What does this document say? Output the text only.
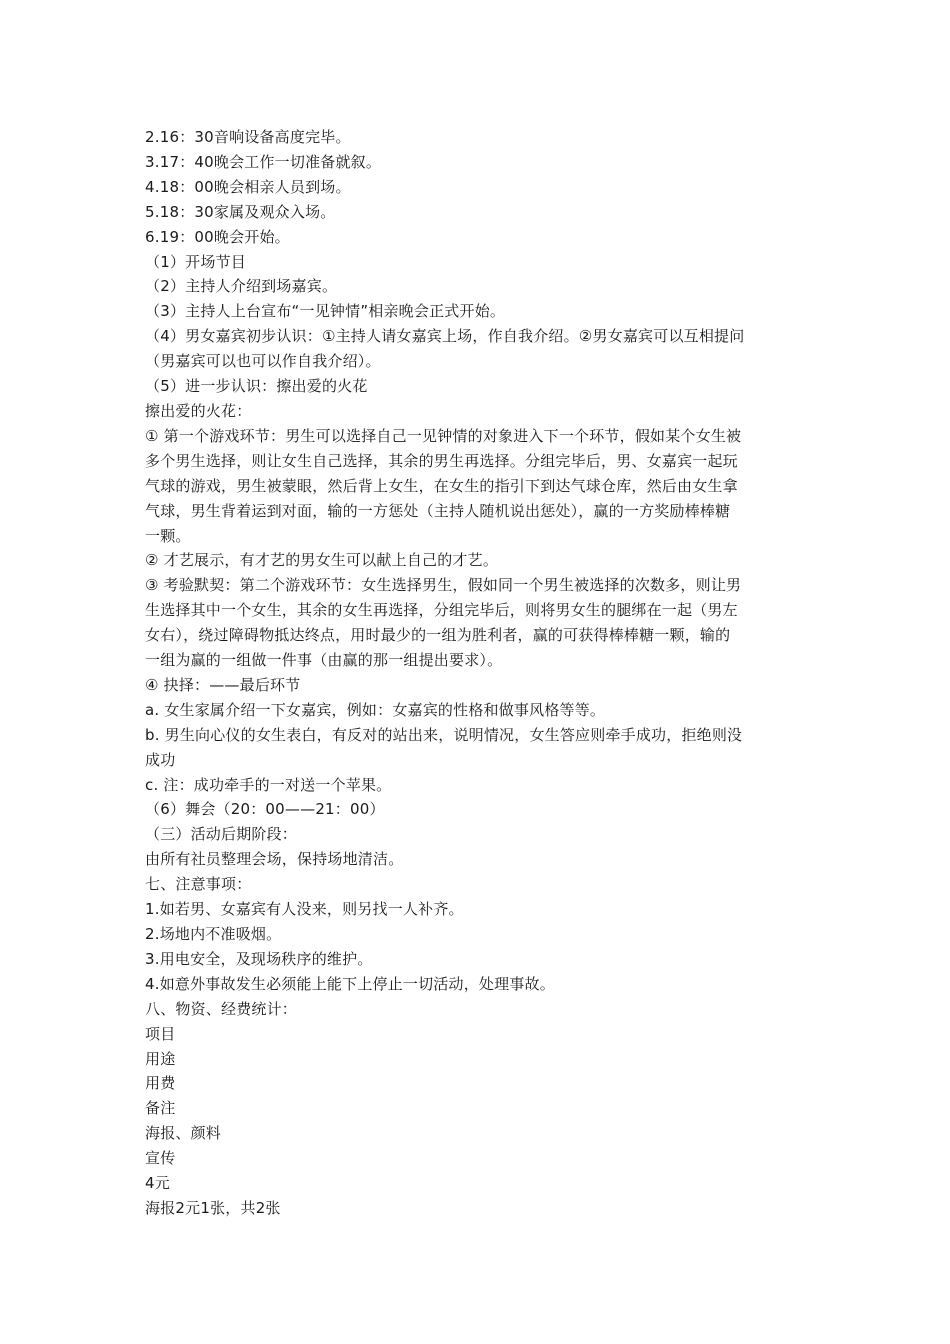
2.16：30音响设备高度完毕。

3.17：40晚会工作一切准备就叙。

4.18：00晚会相亲人员到场。

5.18：30家属及观众入场。

6.19：00晚会开始。

（1）开场节目

（2）主持人介绍到场嘉宾。

（3）主持人上台宣布“一见钟情”相亲晚会正式开始。

（4）男女嘉宾初步认识：①主持人请女嘉宾上场，作自我介绍。②男女嘉宾可以互相提问

（男嘉宾可以也可以作自我介绍）。

（5）进一步认识：擦出爱的火花

擦出爱的火花：

① 第一个游戏环节：男生可以选择自己一见钟情的对象进入下一个环节，假如某个女生被

多个男生选择，则让女生自己选择，其余的男生再选择。分组完毕后，男、女嘉宾一起玩

气球的游戏，男生被蒙眼，然后背上女生，在女生的指引下到达气球仓库，然后由女生拿

气球，男生背着运到对面，输的一方惩处（主持人随机说出惩处），赢的一方奖励棒棒糖

一颗。

② 才艺展示，有才艺的男女生可以献上自己的才艺。

③ 考验默契：第二个游戏环节：女生选择男生，假如同一个男生被选择的次数多，则让男

生选择其中一个女生，其余的女生再选择，分组完毕后，则将男女生的腿绑在一起（男左

女右），绕过障碍物抵达终点，用时最少的一组为胜利者，赢的可获得棒棒糖一颗，输的

一组为赢的一组做一件事（由赢的那一组提出要求）。

④ 抉择：——最后环节

a. 女生家属介绍一下女嘉宾，例如：女嘉宾的性格和做事风格等等。

b. 男生向心仪的女生表白，有反对的站出来，说明情况，女生答应则牵手成功，拒绝则没

成功

c. 注：成功牵手的一对送一个苹果。

（6）舞会（20：00——21：00）

（三）活动后期阶段：

由所有社员整理会场，保持场地清洁。

七、注意事项：

1.如若男、女嘉宾有人没来，则另找一人补齐。

2.场地内不准吸烟。

3.用电安全，及现场秩序的维护。

4.如意外事故发生必须能上能下上停止一切活动，处理事故。

八、物资、经费统计：

项目

用途

用费

备注

海报、颜料

宣传

4元

海报2元1张，共2张
